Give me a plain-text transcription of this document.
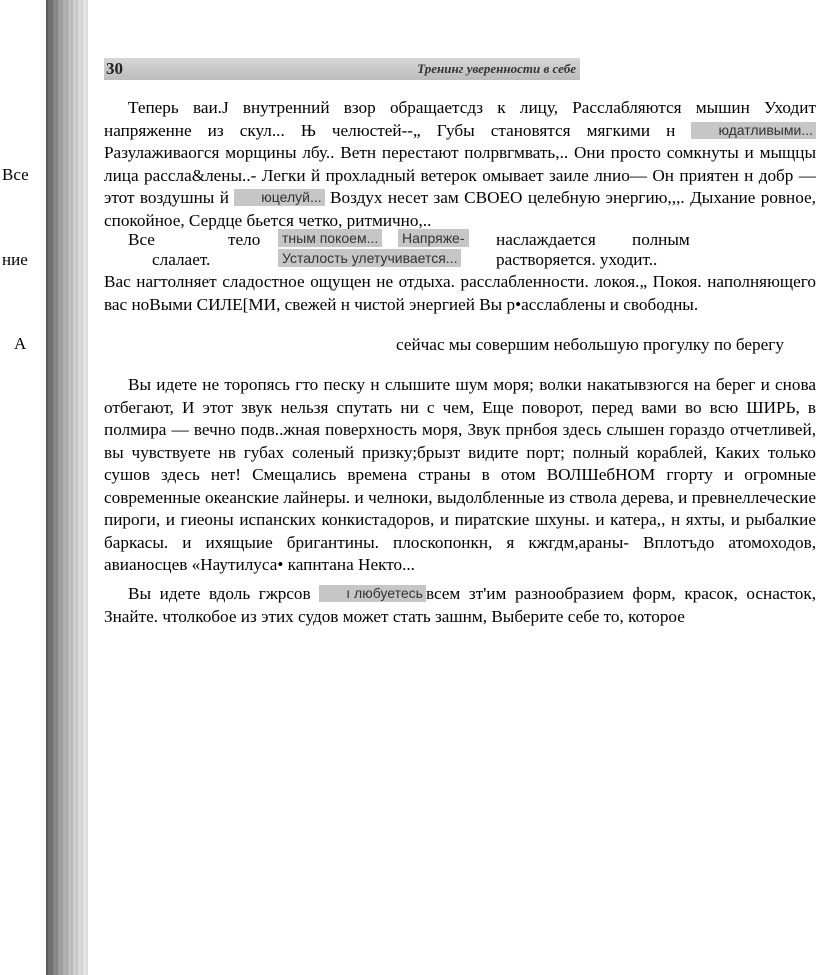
Все
ние
А
30	Тренинг уверенности в себе

Теперь ваи.J внутренний взор обращаетсдз к лицу, Расслабляются мышин Уходит напряженне из скул... Њ челюстей--„ Губы становятся мягкими н юдатливыми... Разулаживаогся морщины лбу.. Ветн перестают полрвгмвать,.. Они просто сомкнуты и мыщцы лица рассла&лены..- Легки й прохладный ветерок омывает заиле лнио— Он приятен н добр — этот воздушны й юцелуй... Воздух несет зам СВОЕО целебную энергию,,,. Дыхание ровное, спокойное, Сердце бьется четко, ритмично,..

Все	тело тным покоем... Напряже- наслаждается полным
слалает.	Усталость улетучивается... растворяется. уходит..

Вас нагтолняет сладостное ощущен не отдыха. расслабленности. локоя.„ Покоя. наполняющего вас ноВыми СИЛЕ[МИ, свежей н чистой энергией Вы р•асслаблены и свободны.

сейчас мы совершим небольшую прогулку по берегу

Вы идете не торопясь гто песку н слышите шум моря; волки накатывзюгся на берег и снова отбегают, И этот звук нельзя спутать ни с чем, Еще поворот, перед вами во всю ШИРЬ, в полмира — вечно подв..жная поверхность моря, Звук прнбоя здесь слышен гораздо отчетливей, вы чувствуете нв губах соленый призку;брызт видите порт; полный кораблей, Каких только сушов здесь нет! Смещались времена страны в отом ВОЛШебНОМ ггорту и огромные современные океанские лайнеры. и челноки, выдолбленные из ствола дерева, и превнеллеческие пироги, и гиеоны испанских конкистадоров, и пиратские шхуны. и катера,, н яхты, и рыбалкие баркасы. и ихящыие бригантины. плоскопонкн, я кжгдм,араны- Вплотъдо атомоходов, авианосцев «Наутилуса• капнтана Некто...

Вы идете вдоль гжрсов ı любуетесь всем зт'им разнообразием форм, красок, оснасток, Знайте. чтолкобое из этих судов может стать зашнм, Выберите себе то, которое
